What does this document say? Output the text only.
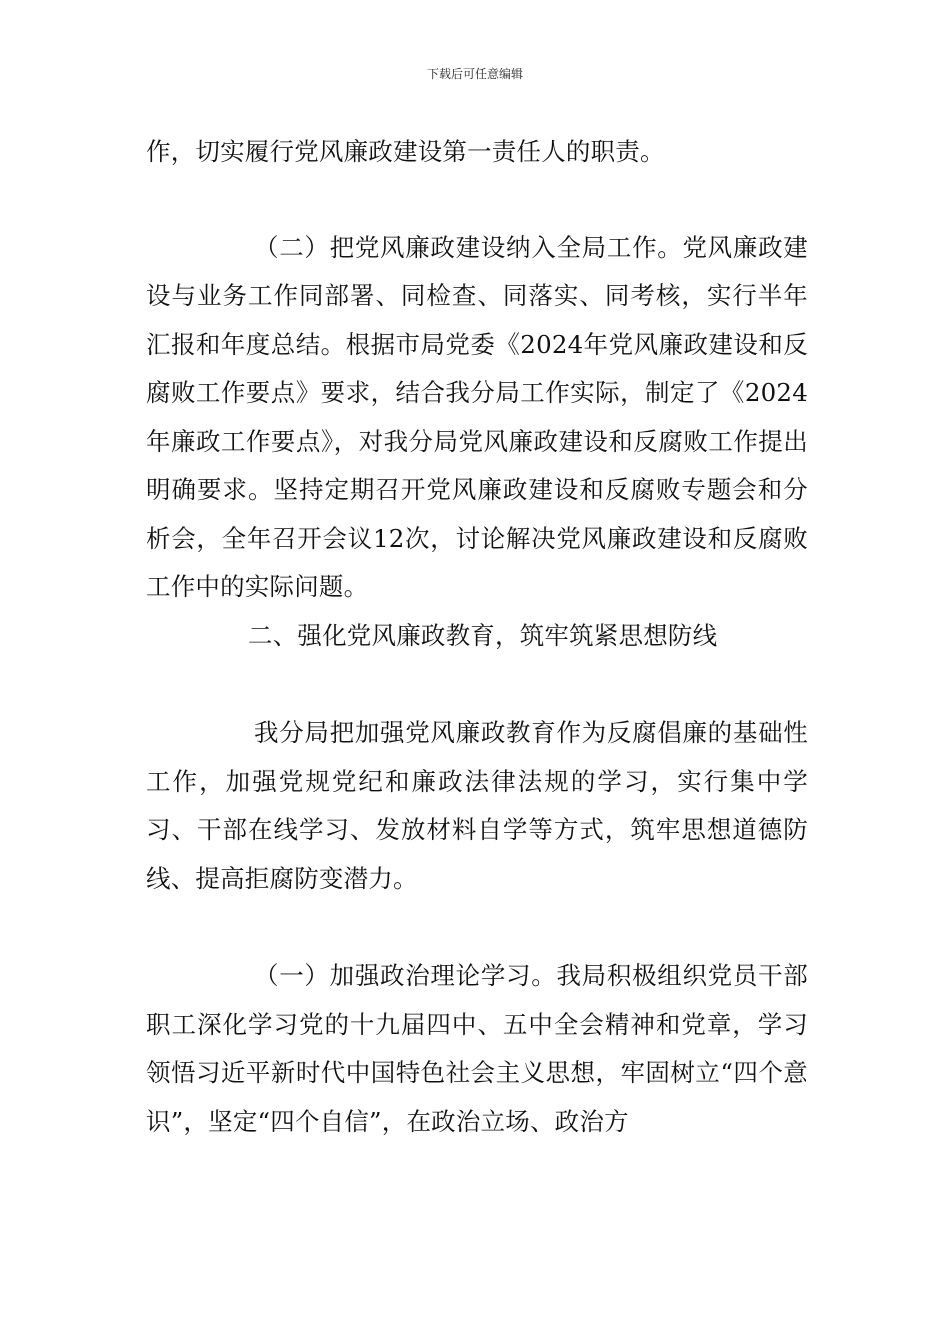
下载后可任意编辑

作，切实履行党风廉政建设第一责任人的职责。

（二）把党风廉政建设纳入全局工作。党风廉政建设与业务工作同部署、同检查、同落实、同考核，实行半年汇报和年度总结。根据市局党委《2024年党风廉政建设和反腐败工作要点》要求，结合我分局工作实际，制定了《2024年廉政工作要点》，对我分局党风廉政建设和反腐败工作提出明确要求。坚持定期召开党风廉政建设和反腐败专题会和分析会，全年召开会议12次，讨论解决党风廉政建设和反腐败工作中的实际问题。

二、强化党风廉政教育，筑牢筑紧思想防线

我分局把加强党风廉政教育作为反腐倡廉的基础性工作，加强党规党纪和廉政法律法规的学习，实行集中学习、干部在线学习、发放材料自学等方式，筑牢思想道德防线、提高拒腐防变潜力。

（一）加强政治理论学习。我局积极组织党员干部职工深化学习党的十九届四中、五中全会精神和党章，学习领悟习近平新时代中国特色社会主义思想，牢固树立“四个意识”，坚定“四个自信”，在政治立场、政治方
